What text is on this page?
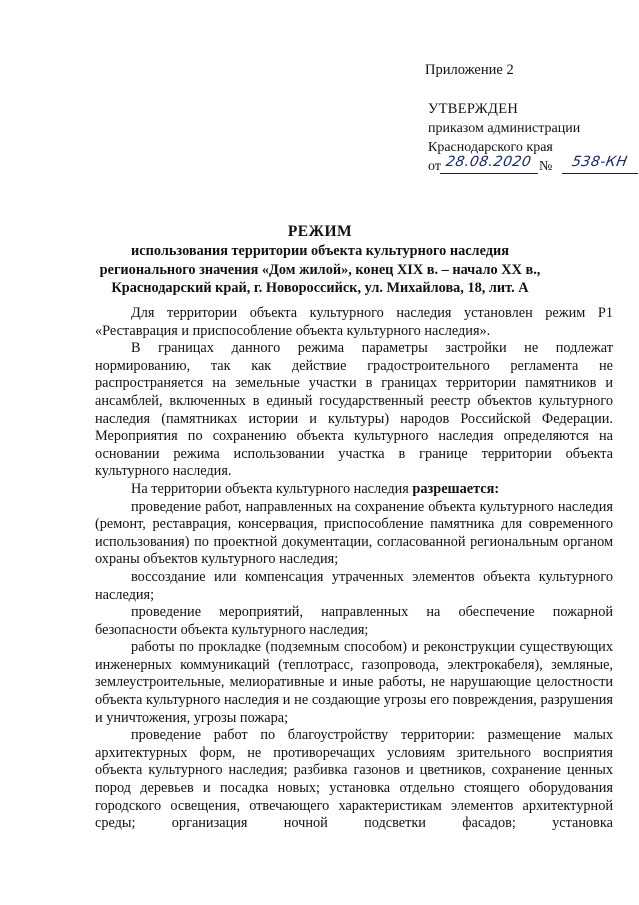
Приложение 2
УТВЕРЖДЕН
приказом администрации
Краснодарского края
от 28.08.2020 №	538-КН
РЕЖИМ
использования территории объекта культурного наследия
регионального значения «Дом жилой», конец XIX в. – начало XX в.,
Краснодарский край, г. Новороссийск, ул. Михайлова, 18, лит. А

Для территории объекта культурного наследия установлен режим Р1 «Реставрация и приспособление объекта культурного наследия».

В границах данного режима параметры застройки не подлежат нормированию, так как действие градостроительного регламента не распространяется на земельные участки в границах территории памятников и ансамблей, включенных в единый государственный реестр объектов культурного наследия (памятниках истории и культуры) народов Российской Федерации. Мероприятия по сохранению объекта культурного наследия определяются на основании режима использовании участка в границе территории объекта культурного наследия.

На территории объекта культурного наследия разрешается:

проведение работ, направленных на сохранение объекта культурного наследия (ремонт, реставрация, консервация, приспособление памятника для современного использования) по проектной документации, согласованной региональным органом охраны объектов культурного наследия;

воссоздание или компенсация утраченных элементов объекта культурного наследия;

проведение мероприятий, направленных на обеспечение пожарной безопасности объекта культурного наследия;

работы по прокладке (подземным способом) и реконструкции существующих инженерных коммуникаций (теплотрасс, газопровода, электрокабеля), земляные, землеустроительные, мелиоративные и иные работы, не нарушающие целостности объекта культурного наследия и не создающие угрозы его повреждения, разрушения и уничтожения, угрозы пожара;

проведение работ по благоустройству территории: размещение малых архитектурных форм, не противоречащих условиям зрительного восприятия объекта культурного наследия; разбивка газонов и цветников, сохранение ценных пород деревьев и посадка новых; установка отдельно стоящего оборудования городского освещения, отвечающего характеристикам элементов архитектурной среды; организация ночной подсветки фасадов; установка
